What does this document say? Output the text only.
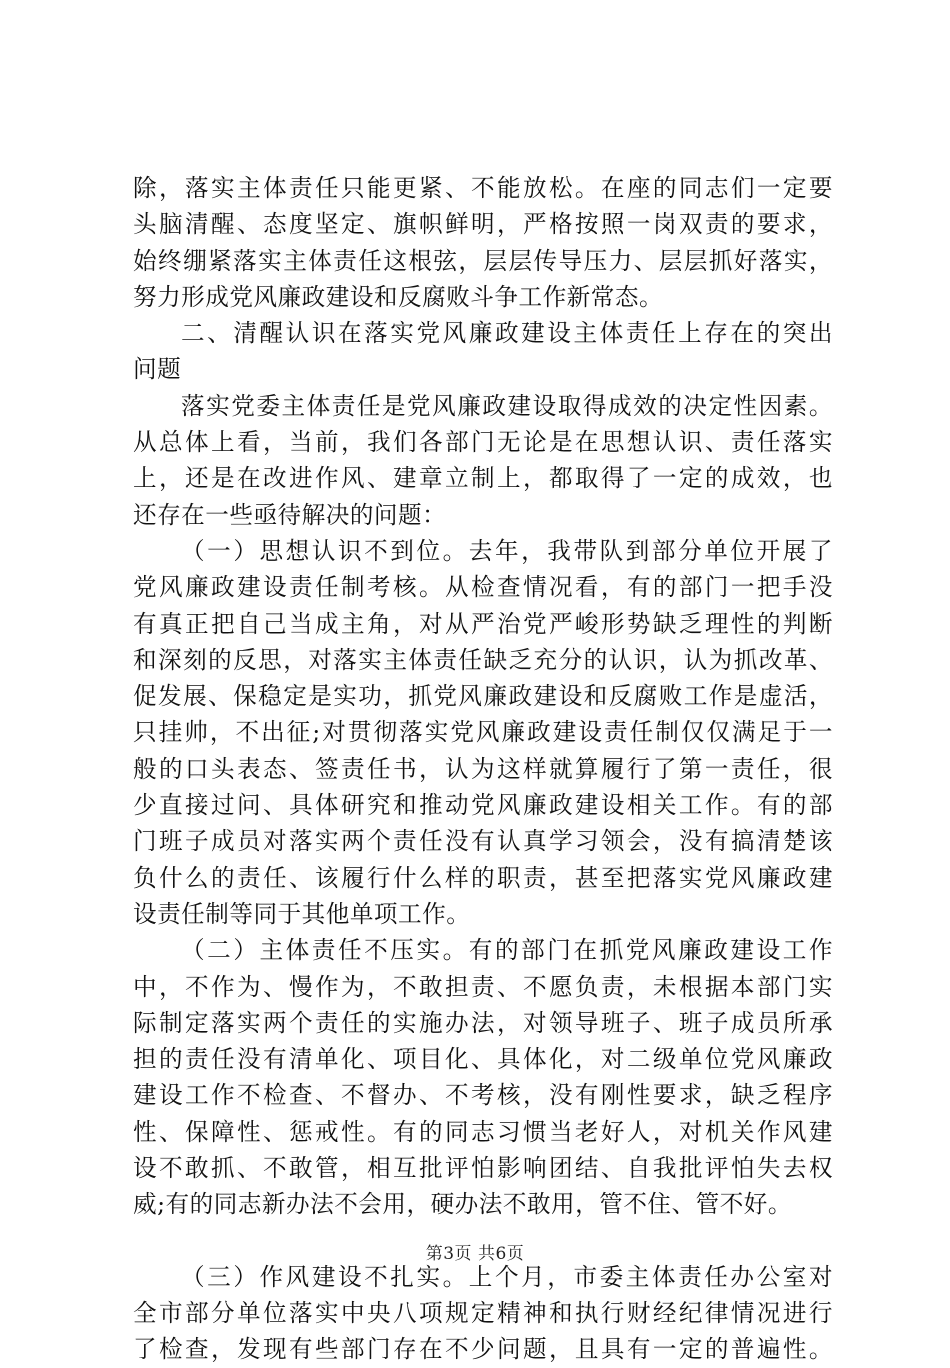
除，落实主体责任只能更紧、不能放松。在座的同志们一定要
头脑清醒、态度坚定、旗帜鲜明，严格按照一岗双责的要求，
始终绷紧落实主体责任这根弦，层层传导压力、层层抓好落实，
努力形成党风廉政建设和反腐败斗争工作新常态。
二、清醒认识在落实党风廉政建设主体责任上存在的突出
问题
落实党委主体责任是党风廉政建设取得成效的决定性因素。
从总体上看，当前，我们各部门无论是在思想认识、责任落实
上，还是在改进作风、建章立制上，都取得了一定的成效，也
还存在一些亟待解决的问题：
（一）思想认识不到位。去年，我带队到部分单位开展了
党风廉政建设责任制考核。从检查情况看，有的部门一把手没
有真正把自己当成主角，对从严治党严峻形势缺乏理性的判断
和深刻的反思，对落实主体责任缺乏充分的认识，认为抓改革、
促发展、保稳定是实功，抓党风廉政建设和反腐败工作是虚活，
只挂帅，不出征;对贯彻落实党风廉政建设责任制仅仅满足于一
般的口头表态、签责任书，认为这样就算履行了第一责任，很
少直接过问、具体研究和推动党风廉政建设相关工作。有的部
门班子成员对落实两个责任没有认真学习领会，没有搞清楚该
负什么的责任、该履行什么样的职责，甚至把落实党风廉政建
设责任制等同于其他单项工作。
（二）主体责任不压实。有的部门在抓党风廉政建设工作
中，不作为、慢作为，不敢担责、不愿负责，未根据本部门实
际制定落实两个责任的实施办法，对领导班子、班子成员所承
担的责任没有清单化、项目化、具体化，对二级单位党风廉政
建设工作不检查、不督办、不考核，没有刚性要求，缺乏程序
性、保障性、惩戒性。有的同志习惯当老好人，对机关作风建
设不敢抓、不敢管，相互批评怕影响团结、自我批评怕失去权
威;有的同志新办法不会用，硬办法不敢用，管不住、管不好。
（三）作风建设不扎实。上个月，市委主体责任办公室对
全市部分单位落实中央八项规定精神和执行财经纪律情况进行
了检查，发现有些部门存在不少问题，且具有一定的普遍性。
第3页 共6页
